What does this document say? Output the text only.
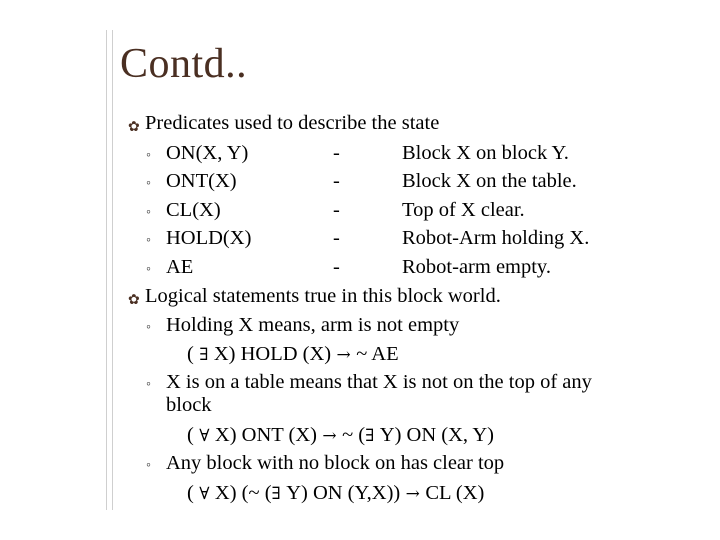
Contd..
✿ Predicates used to describe the state
◦ ON(X, Y)	-	Block X on block Y.
◦ ONT(X)	-	Block X on the table.
◦ CL(X)	-	Top of X clear.
◦ HOLD(X)	-	Robot-Arm holding X.
◦ AE	-	Robot-arm empty.
✿ Logical statements true in this block world.
◦ Holding X means, arm is not empty
( ∃ X) HOLD (X) → ~ AE
◦ X is on a table means that X is not on the top of any
block
( ∀ X) ONT (X) → ~ (∃ Y) ON (X, Y)
◦ Any block with no block on has clear top
( ∀ X) (~ (∃ Y) ON (Y,X)) → CL (X)
